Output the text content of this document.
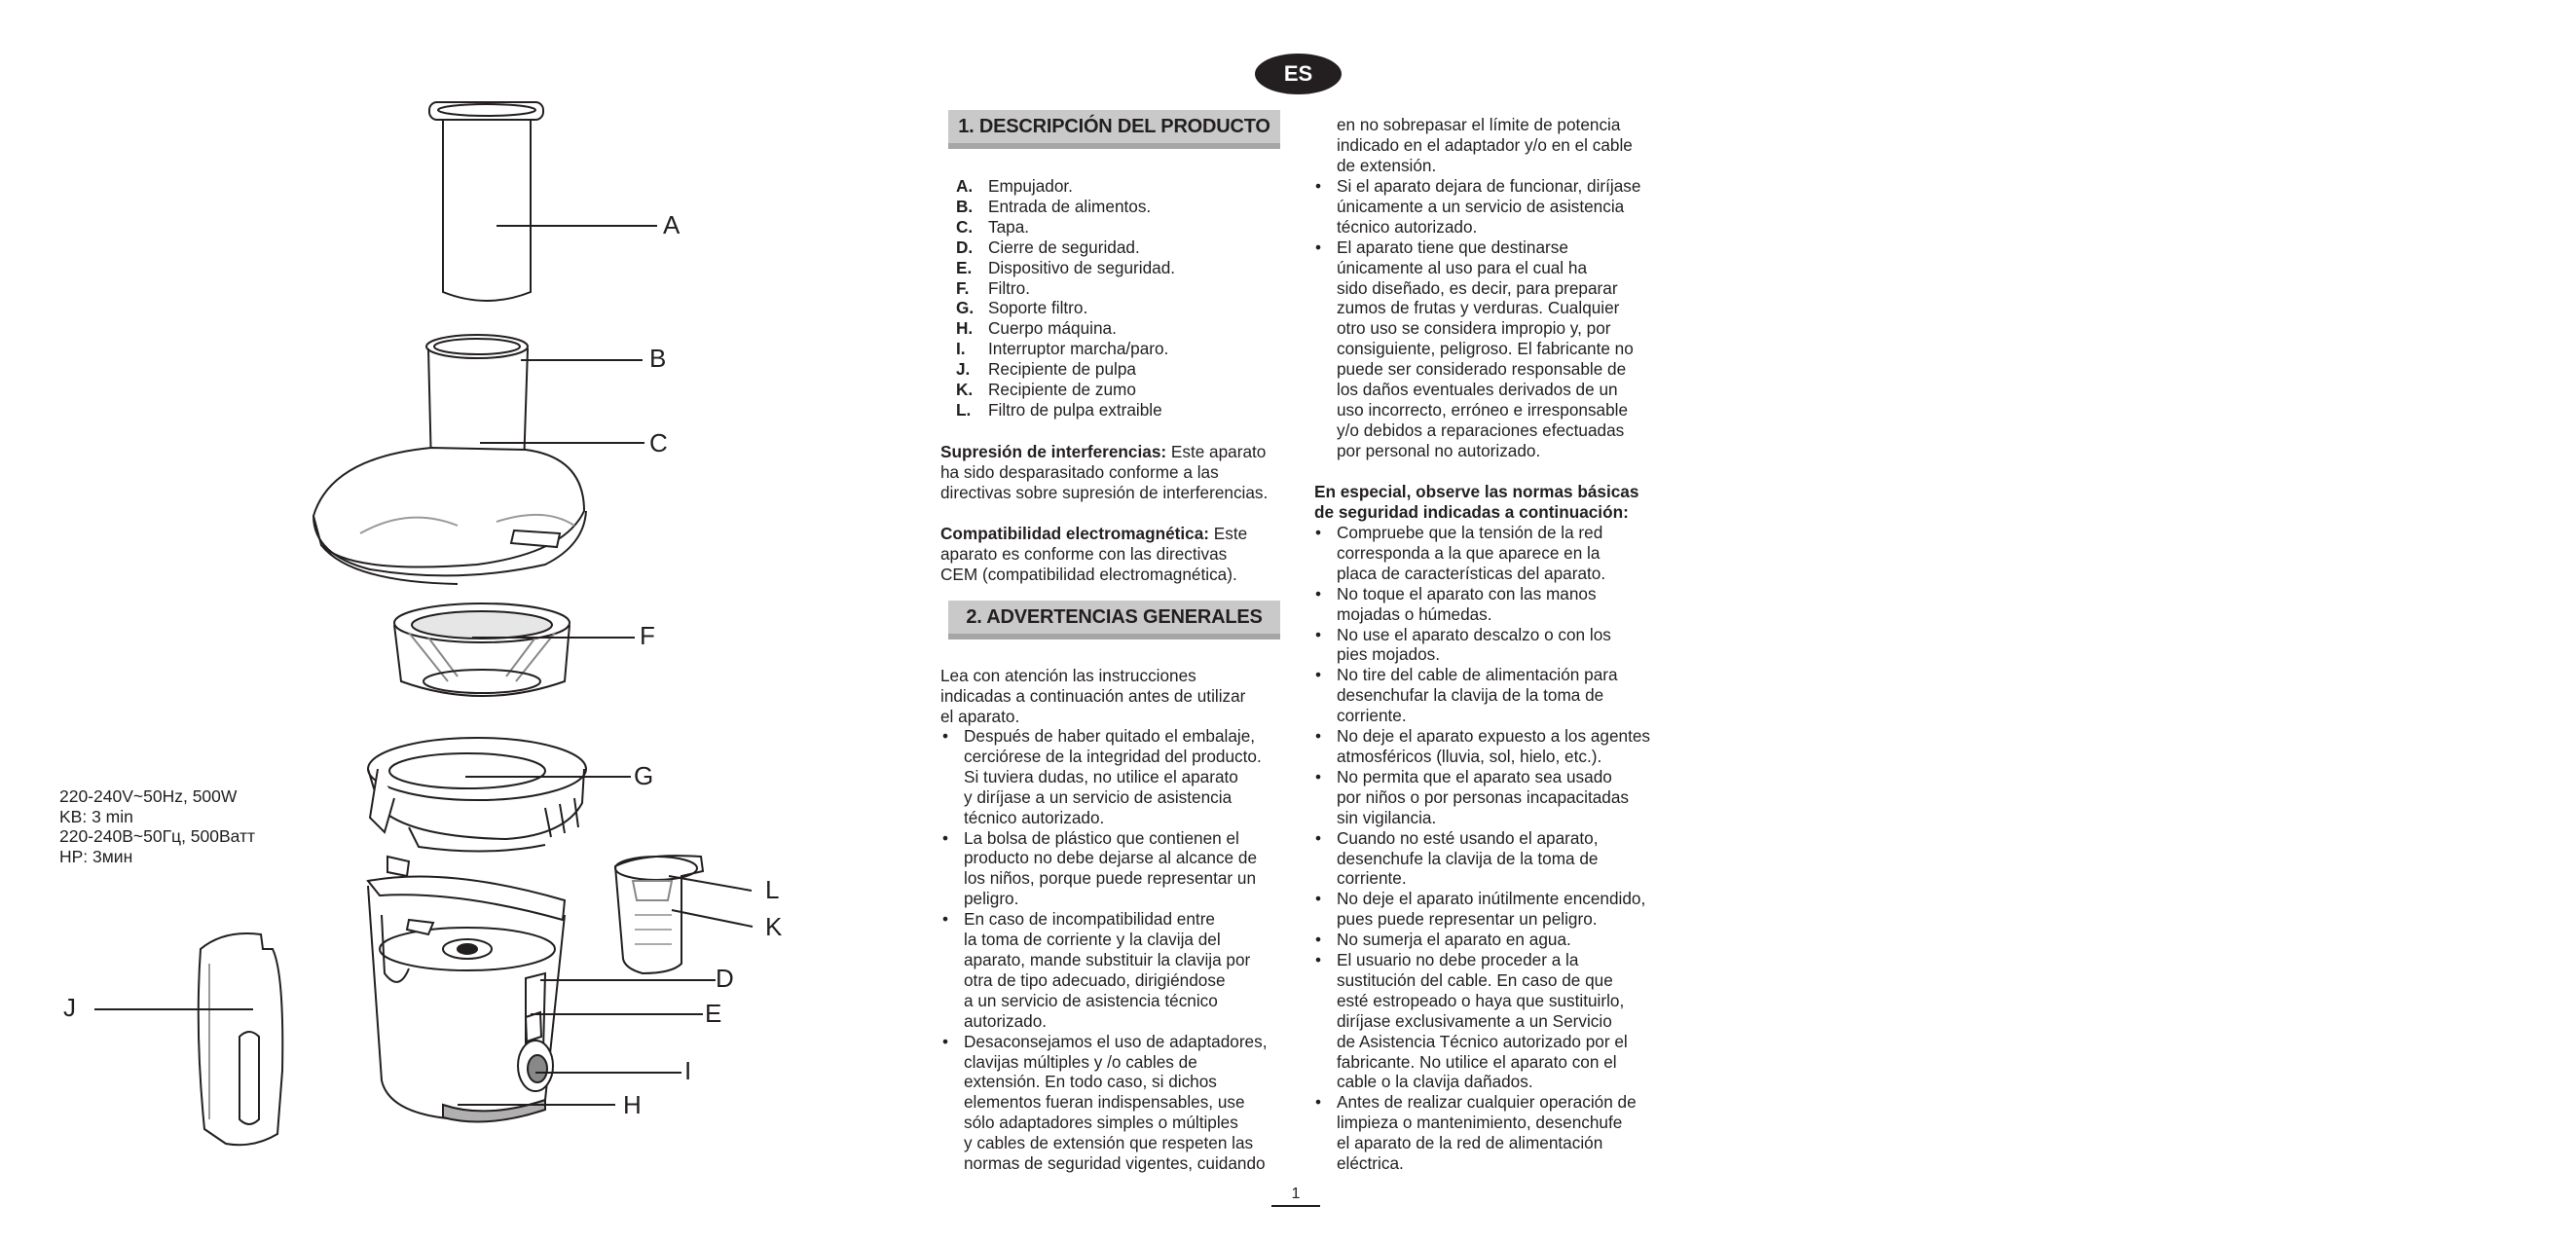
A
B
C
F
G
L
K
D
E
I
H
J
220-240V~50Hz, 500W
KB: 3 min
220-240В~50Гц, 500Ватт
HP: 3мин
ES
1. DESCRIPCIÓN DEL PRODUCTO
A. Empujador.
B. Entrada de alimentos.
C. Tapa.
D. Cierre de seguridad.
E. Dispositivo de seguridad.
F.	Filtro.
G. Soporte filtro.
H. Cuerpo máquina.
I.	Interruptor marcha/paro.
J.	Recipiente de pulpa
K. Recipiente de zumo
L.	Filtro de pulpa extraible
Supresión de interferencias: Este aparato
ha sido desparasitado conforme a las
directivas sobre supresión de interferencias.
Compatibilidad electromagnética: Este
aparato es conforme con las directivas
CEM (compatibilidad electromagnética).
2. ADVERTENCIAS GENERALES
Lea con atención las instrucciones
indicadas a continuación antes de utilizar
el aparato.
• Después de haber quitado el embalaje,
cerciórese de la integridad del producto.
Si tuviera dudas, no utilice el aparato
y diríjase a un servicio de asistencia
técnico autorizado.
• La bolsa de plástico que contienen el
producto no debe dejarse al alcance de
los niños, porque puede representar un
peligro.
• En caso de incompatibilidad entre
la toma de corriente y la clavija del
aparato, mande substituir la clavija por
otra de tipo adecuado, dirigiéndose
a un servicio de asistencia técnico
autorizado.
• Desaconsejamos el uso de adaptadores,
clavijas múltiples y /o cables de
extensión. En todo caso, si dichos
elementos fueran indispensables, use
sólo adaptadores simples o múltiples
y cables de extensión que respeten las
normas de seguridad vigentes, cuidando
en no sobrepasar el límite de potencia
indicado en el adaptador y/o en el cable
de extensión.
• Si el aparato dejara de funcionar, diríjase
únicamente a un servicio de asistencia
técnico autorizado.
• El aparato tiene que destinarse
únicamente al uso para el cual ha
sido diseñado, es decir, para preparar
zumos de frutas y verduras. Cualquier
otro uso se considera impropio y, por
consiguiente, peligroso. El fabricante no
puede ser considerado responsable de
los daños eventuales derivados de un
uso incorrecto, erróneo e irresponsable
y/o debidos a reparaciones efectuadas
por personal no autorizado.
En especial, observe las normas básicas
de seguridad indicadas a continuación:
• Compruebe que la tensión de la red
corresponda a la que aparece en la
placa de características del aparato.
• No toque el aparato con las manos
mojadas o húmedas.
• No use el aparato descalzo o con los
pies mojados.
• No tire del cable de alimentación para
desenchufar la clavija de la toma de
corriente.
• No deje el aparato expuesto a los agentes
atmosféricos (lluvia, sol, hielo, etc.).
• No permita que el aparato sea usado
por niños o por personas incapacitadas
sin vigilancia.
• Cuando no esté usando el aparato,
desenchufe la clavija de la toma de
corriente.
• No deje el aparato inútilmente encendido,
pues puede representar un peligro.
• No sumerja el aparato en agua.
• El usuario no debe proceder a la
sustitución del cable. En caso de que
esté estropeado o haya que sustituirlo,
diríjase exclusivamente a un Servicio
de Asistencia Técnico autorizado por el
fabricante. No utilice el aparato con el
cable o la clavija dañados.
• Antes de realizar cualquier operación de
limpieza o mantenimiento, desenchufe
el aparato de la red de alimentación
eléctrica.
1
